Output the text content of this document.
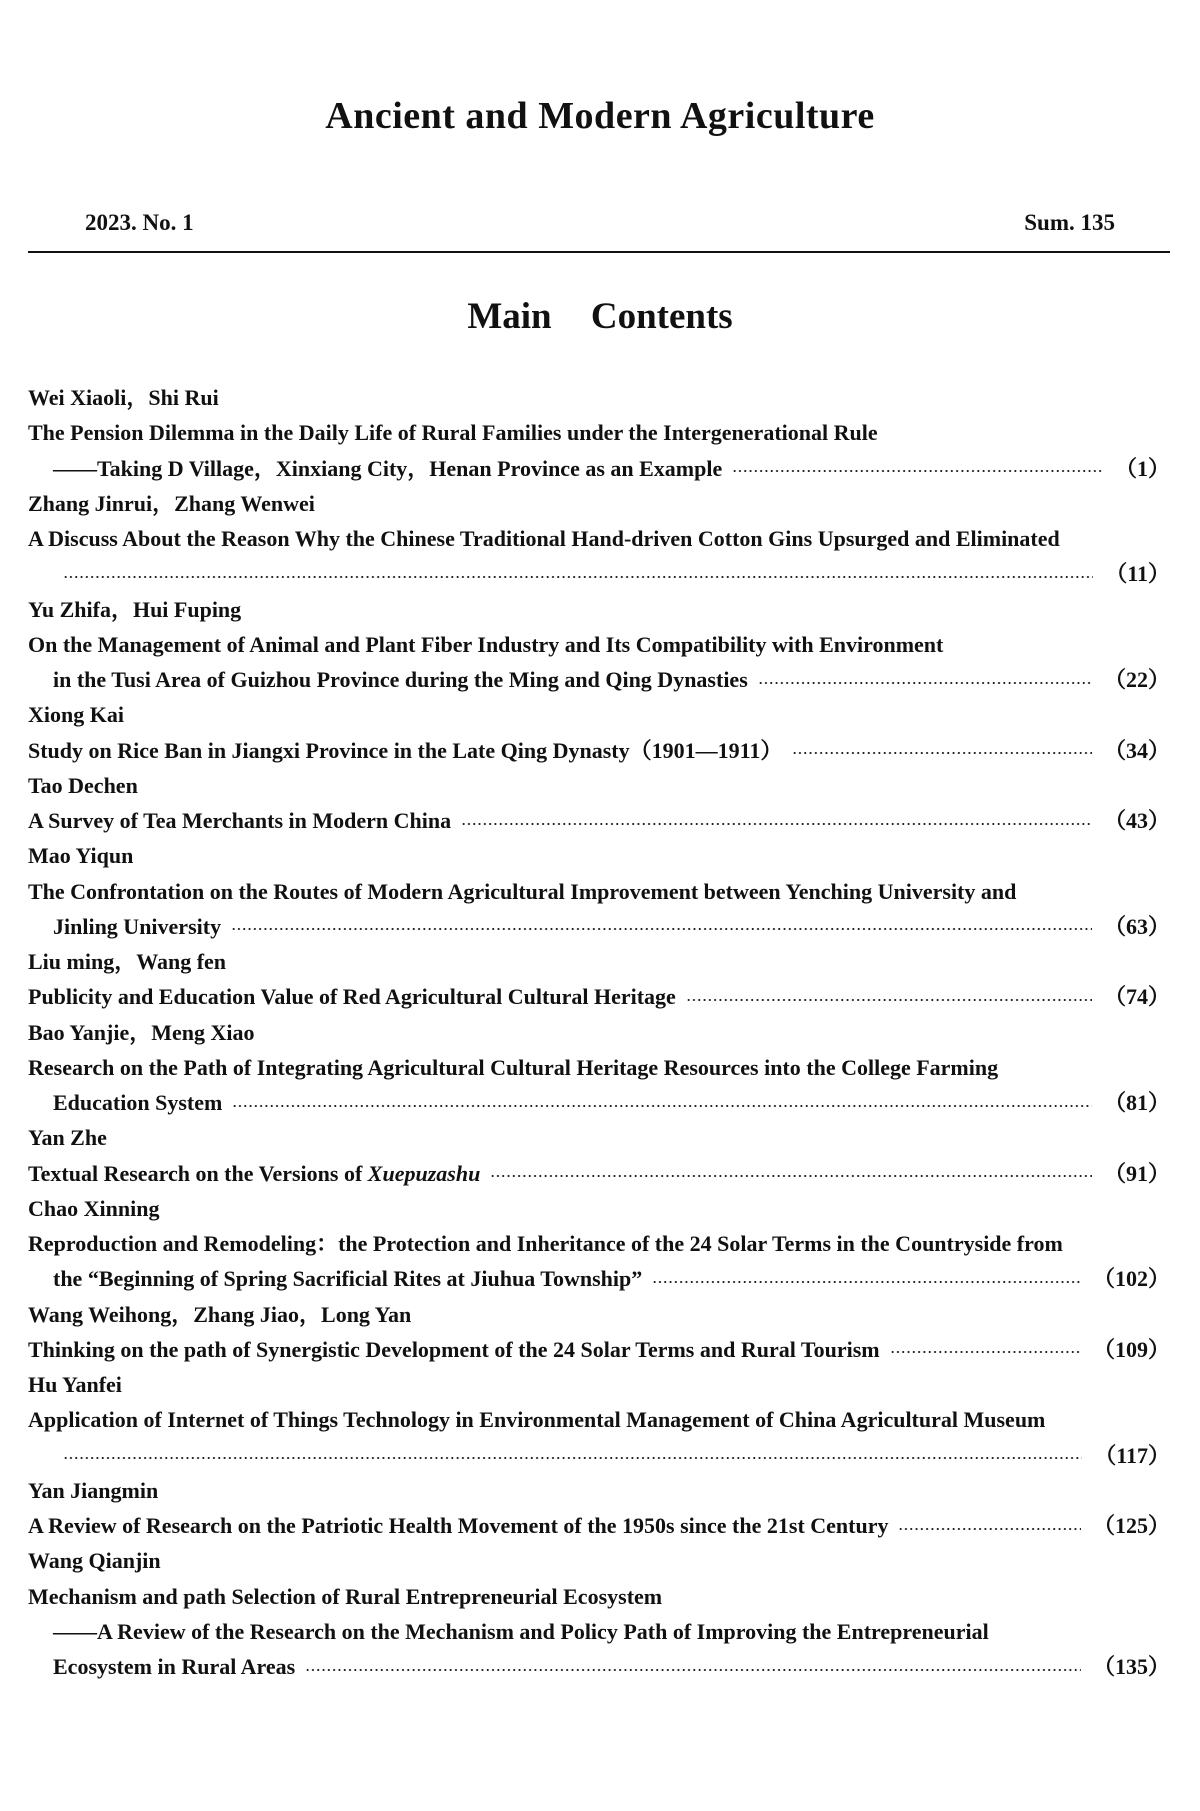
Ancient and Modern Agriculture
2023. No. 1	Sum. 135
Main Contents
Wei Xiaoli，Shi Rui
The Pension Dilemma in the Daily Life of Rural Families under the Intergenerational Rule
——Taking D Village，Xinxiang City，Henan Province as an Example	（1）
Zhang Jinrui，Zhang Wenwei
A Discuss About the Reason Why the Chinese Traditional Hand-driven Cotton Gins Upsurged and Eliminated
（11）
Yu Zhifa，Hui Fuping
On the Management of Animal and Plant Fiber Industry and Its Compatibility with Environment
in the Tusi Area of Guizhou Province during the Ming and Qing Dynasties	（22）
Xiong Kai
Study on Rice Ban in Jiangxi Province in the Late Qing Dynasty（1901—1911）	（34）
Tao Dechen
A Survey of Tea Merchants in Modern China	（43）
Mao Yiqun
The Confrontation on the Routes of Modern Agricultural Improvement between Yenching University and
Jinling University	（63）
Liu ming，Wang fen
Publicity and Education Value of Red Agricultural Cultural Heritage	（74）
Bao Yanjie，Meng Xiao
Research on the Path of Integrating Agricultural Cultural Heritage Resources into the College Farming
Education System	（81）
Yan Zhe
Textual Research on the Versions of Xuepuzashu	（91）
Chao Xinning
Reproduction and Remodeling：the Protection and Inheritance of the 24 Solar Terms in the Countryside from
the “Beginning of Spring Sacrificial Rites at Jiuhua Township”	（102）
Wang Weihong，Zhang Jiao，Long Yan
Thinking on the path of Synergistic Development of the 24 Solar Terms and Rural Tourism	（109）
Hu Yanfei
Application of Internet of Things Technology in Environmental Management of China Agricultural Museum
（117）
Yan Jiangmin
A Review of Research on the Patriotic Health Movement of the 1950s since the 21st Century	（125）
Wang Qianjin
Mechanism and path Selection of Rural Entrepreneurial Ecosystem
——A Review of the Research on the Mechanism and Policy Path of Improving the Entrepreneurial
Ecosystem in Rural Areas	（135）
